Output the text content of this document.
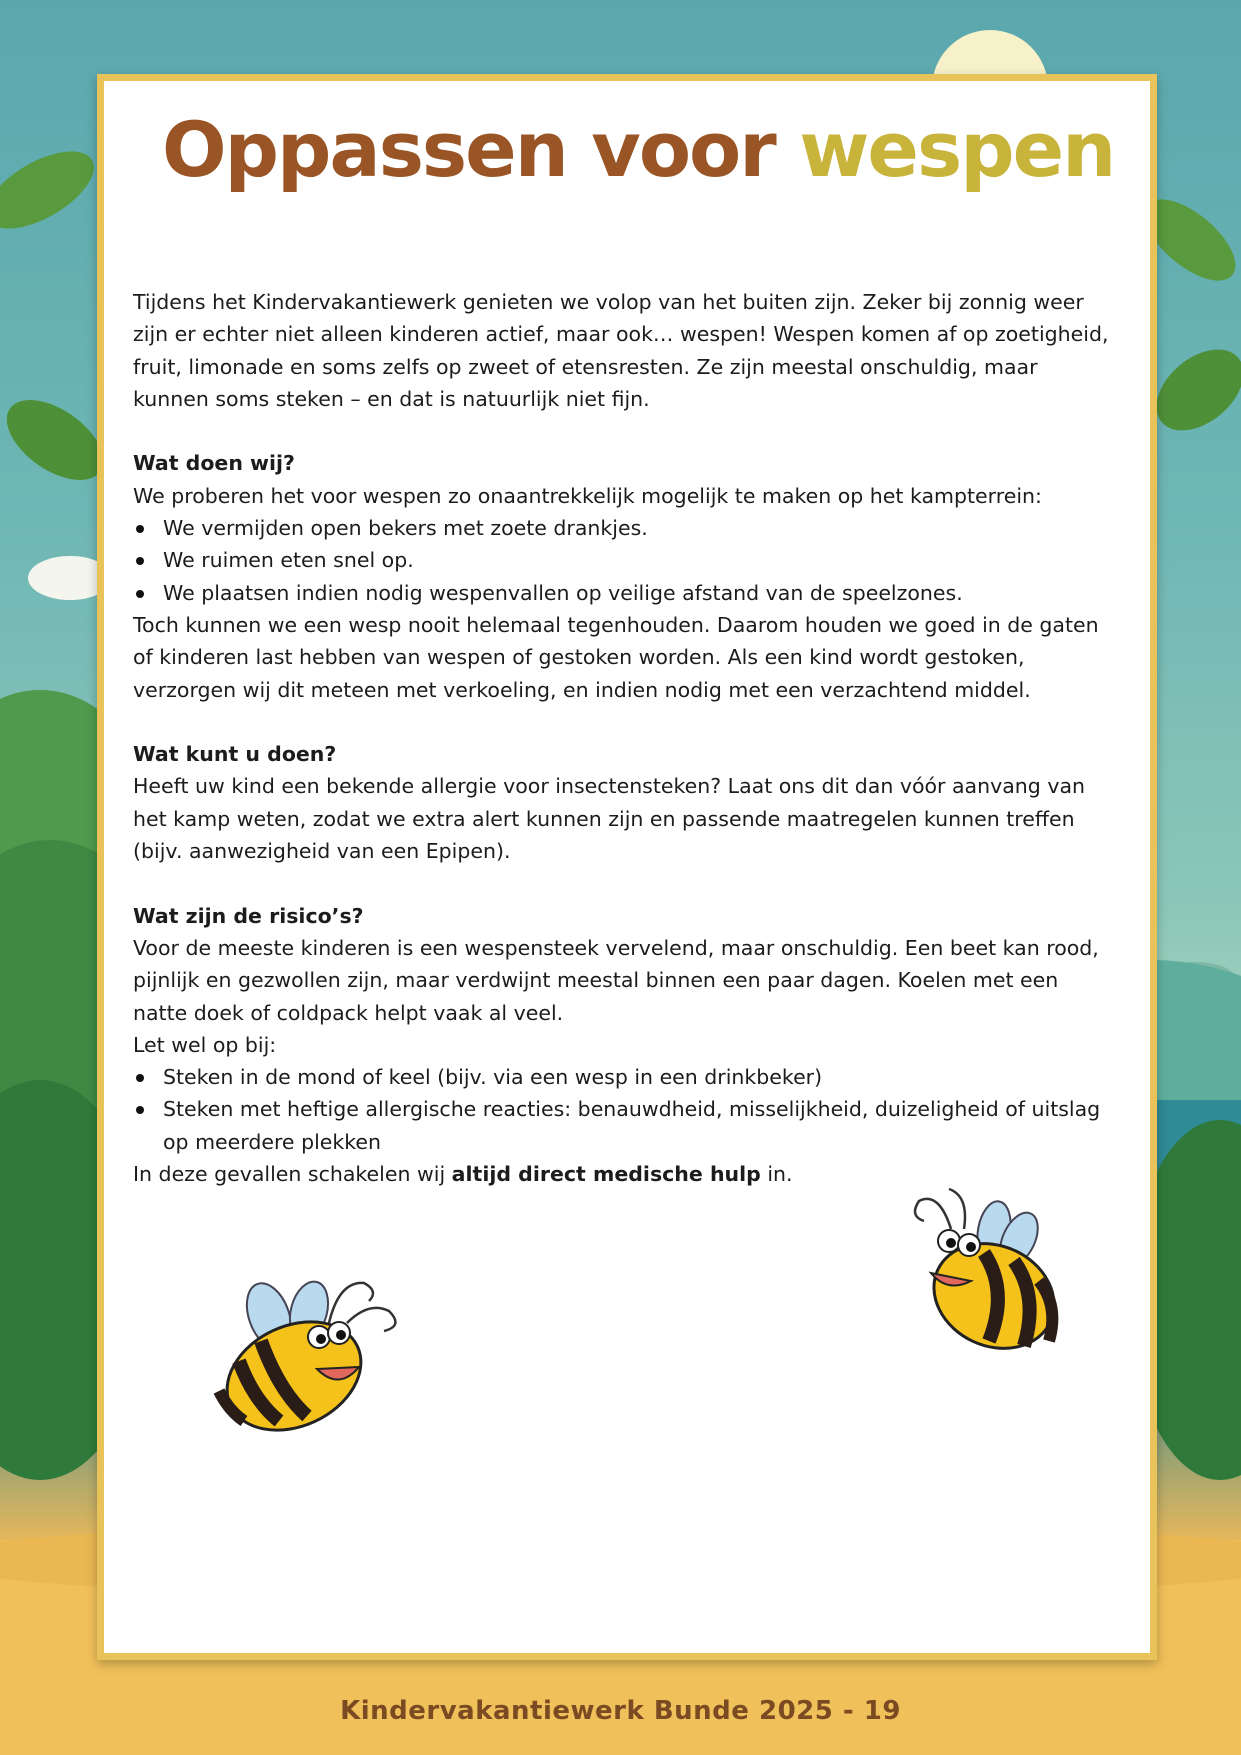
Oppassen voor wespen

Tijdens het Kindervakantiewerk genieten we volop van het buiten zijn. Zeker bij zonnig weer zijn er echter niet alleen kinderen actief, maar ook… wespen! Wespen komen af op zoetigheid, fruit, limonade en soms zelfs op zweet of etensresten. Ze zijn meestal onschuldig, maar kunnen soms steken – en dat is natuurlijk niet fijn.

Wat doen wij?

We proberen het voor wespen zo onaantrekkelijk mogelijk te maken op het kampterrein:

We vermijden open bekers met zoete drankjes.
We ruimen eten snel op.
We plaatsen indien nodig wespenvallen op veilige afstand van de speelzones.

Toch kunnen we een wesp nooit helemaal tegenhouden. Daarom houden we goed in de gaten of kinderen last hebben van wespen of gestoken worden. Als een kind wordt gestoken, verzorgen wij dit meteen met verkoeling, en indien nodig met een verzachtend middel.

Wat kunt u doen?

Heeft uw kind een bekende allergie voor insectensteken? Laat ons dit dan vóór aanvang van het kamp weten, zodat we extra alert kunnen zijn en passende maatregelen kunnen treffen (bijv. aanwezigheid van een Epipen).

Wat zijn de risico’s?

Voor de meeste kinderen is een wespensteek vervelend, maar onschuldig. Een beet kan rood, pijnlijk en gezwollen zijn, maar verdwijnt meestal binnen een paar dagen. Koelen met een natte doek of coldpack helpt vaak al veel.

Let wel op bij:

Steken in de mond of keel (bijv. via een wesp in een drinkbeker)
Steken met heftige allergische reacties: benauwdheid, misselijkheid, duizeligheid of uitslag op meerdere plekken

In deze gevallen schakelen wij altijd direct medische hulp in.

Kindervakantiewerk Bunde 2025 - 19
